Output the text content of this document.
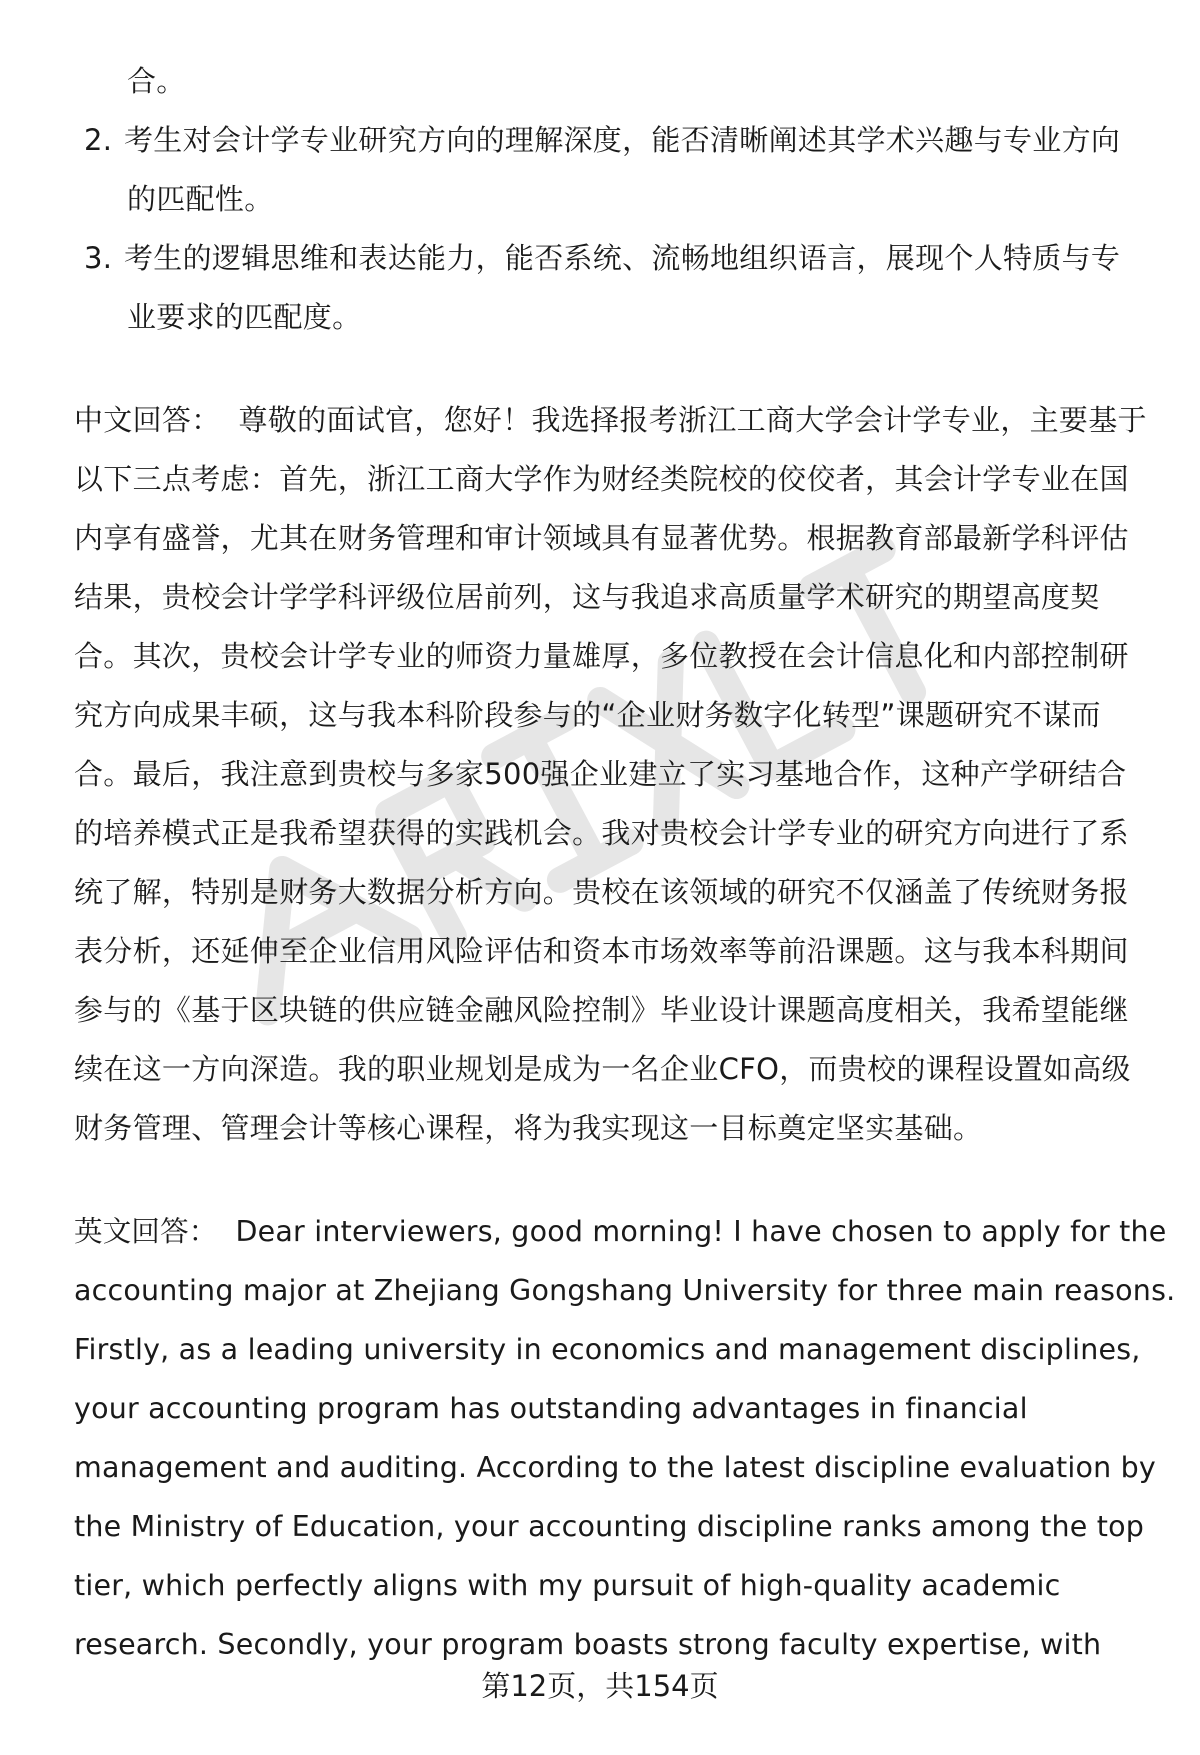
合。
2. 考生对会计学专业研究方向的理解深度，能否清晰阐述其学术兴趣与专业方向
的匹配性。
3. 考生的逻辑思维和表达能力，能否系统、流畅地组织语言，展现个人特质与专
业要求的匹配度。
中文回答： 尊敬的面试官，您好！我选择报考浙江工商大学会计学专业，主要基于
以下三点考虑：首先，浙江工商大学作为财经类院校的佼佼者，其会计学专业在国
内享有盛誉，尤其在财务管理和审计领域具有显著优势。根据教育部最新学科评估
结果，贵校会计学学科评级位居前列，这与我追求高质量学术研究的期望高度契
合。其次，贵校会计学专业的师资力量雄厚，多位教授在会计信息化和内部控制研
究方向成果丰硕，这与我本科阶段参与的“企业财务数字化转型”课题研究不谋而
合。最后，我注意到贵校与多家500强企业建立了实习基地合作，这种产学研结合
的培养模式正是我希望获得的实践机会。我对贵校会计学专业的研究方向进行了系
统了解，特别是财务大数据分析方向。贵校在该领域的研究不仅涵盖了传统财务报
表分析，还延伸至企业信用风险评估和资本市场效率等前沿课题。这与我本科期间
参与的《基于区块链的供应链金融风险控制》毕业设计课题高度相关，我希望能继
续在这一方向深造。我的职业规划是成为一名企业CFO，而贵校的课程设置如高级
财务管理、管理会计等核心课程，将为我实现这一目标奠定坚实基础。
英文回答： Dear interviewers, good morning! I have chosen to apply for the
accounting major at Zhejiang Gongshang University for three main reasons.
Firstly, as a leading university in economics and management disciplines,
your accounting program has outstanding advantages in financial
management and auditing. According to the latest discipline evaluation by
the Ministry of Education, your accounting discipline ranks among the top
tier, which perfectly aligns with my pursuit of high-quality academic
research. Secondly, your program boasts strong faculty expertise, with
第12页，共154页
